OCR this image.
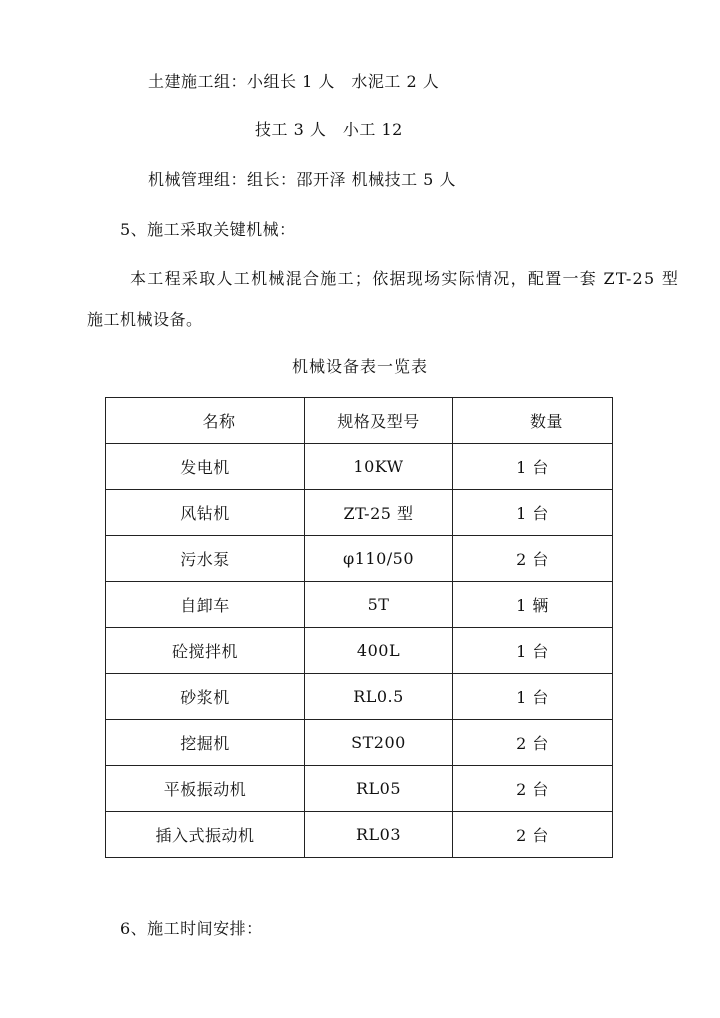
土建施工组：小组长 1 人　水泥工 2 人
技工 3 人　小工 12
机械管理组：组长：邵开泽 机械技工 5 人
5、施工采取关键机械：
本工程采取人工机械混合施工；依据现场实际情况，配置一套 ZT-25 型
施工机械设备。
机械设备表一览表
名称	规格及型号	数量
发电机	10KW	1 台
风钻机	ZT-25 型	1 台
污水泵	φ110/50	2 台
自卸车	5T	1 辆
砼搅拌机	400L	1 台
砂浆机	RL0.5	1 台
挖掘机	ST200	2 台
平板振动机	RL05	2 台
插入式振动机	RL03	2 台
6、施工时间安排：
